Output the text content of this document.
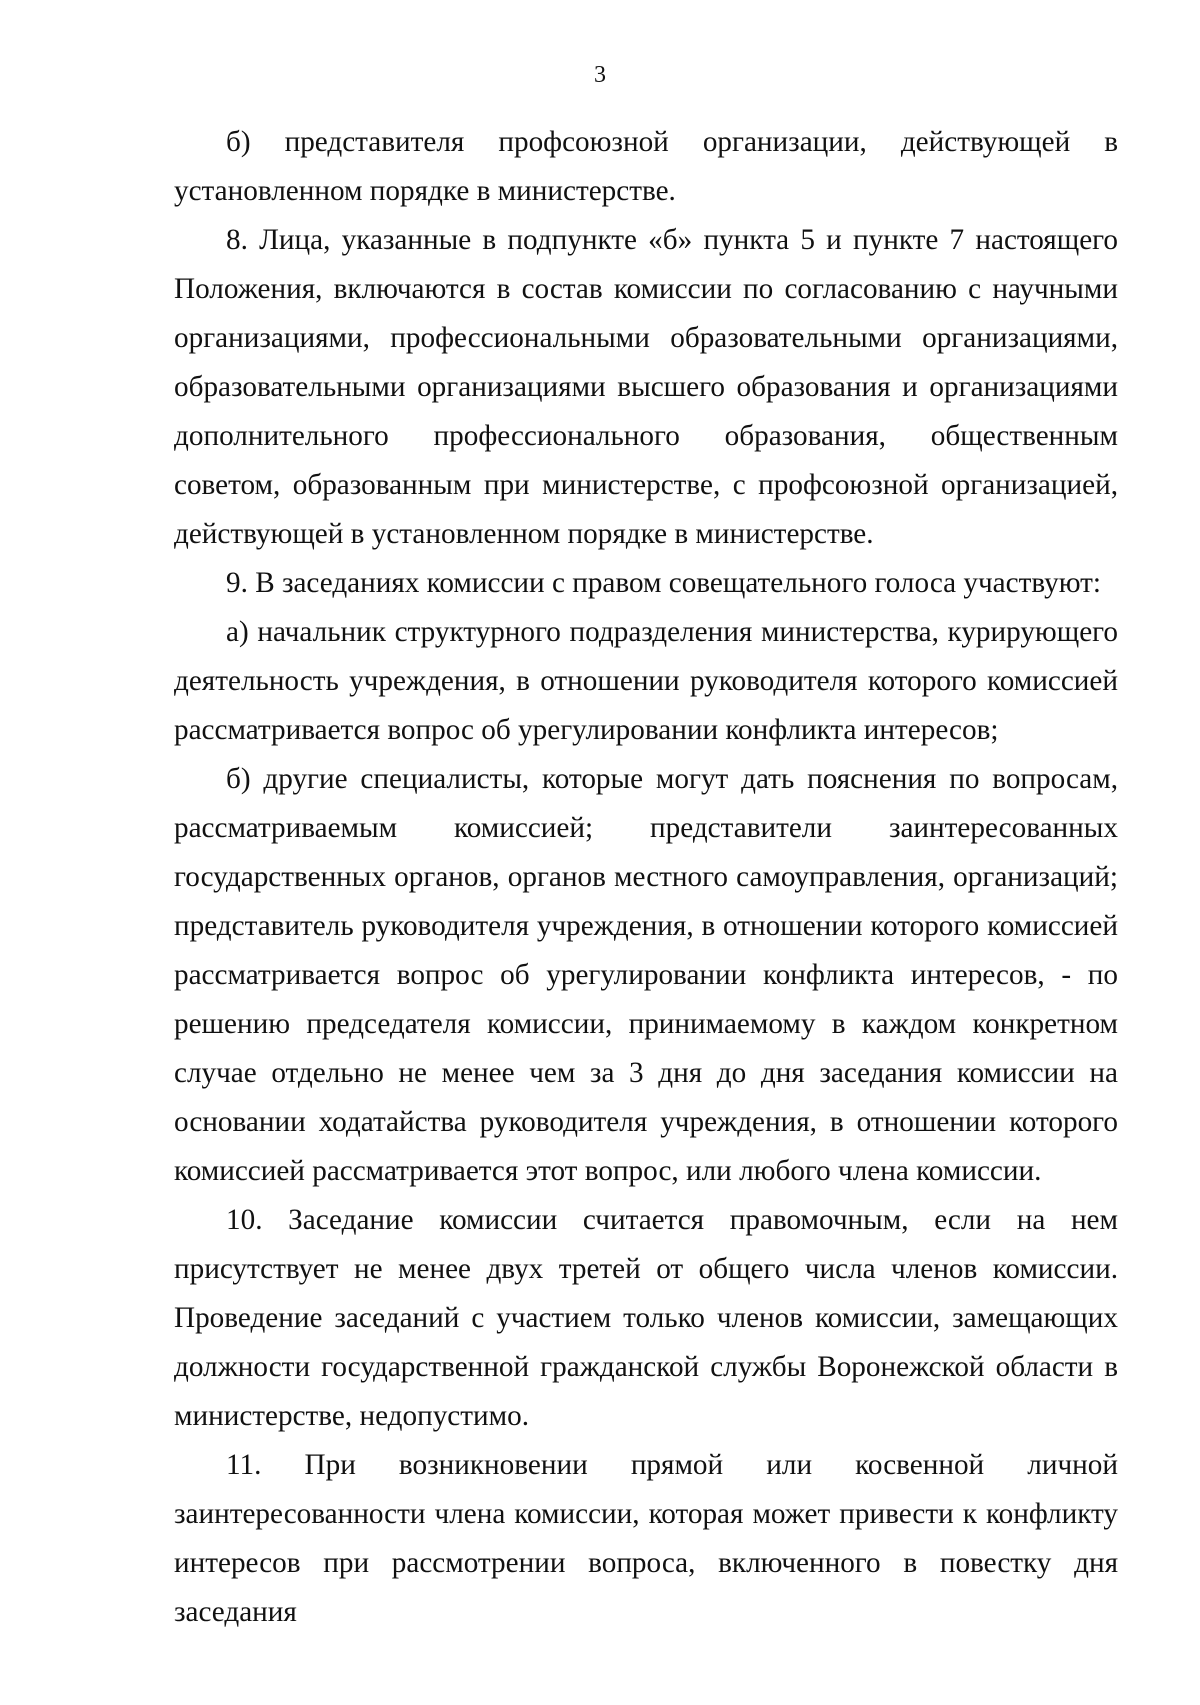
3

б) представителя профсоюзной организации, действующей в установленном порядке в министерстве.

8. Лица, указанные в подпункте «б» пункта 5 и пункте 7 настоящего Положения, включаются в состав комиссии по согласованию с научными организациями, профессиональными образовательными организациями, образовательными организациями высшего образования и организациями дополнительного профессионального образования, общественным советом, образованным при министерстве, с профсоюзной организацией, действующей в установленном порядке в министерстве.

9. В заседаниях комиссии с правом совещательного голоса участвуют:

а) начальник структурного подразделения министерства, курирующего деятельность учреждения, в отношении руководителя которого комиссией рассматривается вопрос об урегулировании конфликта интересов;

б) другие специалисты, которые могут дать пояснения по вопросам, рассматриваемым комиссией; представители заинтересованных государственных органов, органов местного самоуправления, организаций; представитель руководителя учреждения, в отношении которого комиссией рассматривается вопрос об урегулировании конфликта интересов, - по решению председателя комиссии, принимаемому в каждом конкретном случае отдельно не менее чем за 3 дня до дня заседания комиссии на основании ходатайства руководителя учреждения, в отношении которого комиссией рассматривается этот вопрос, или любого члена комиссии.

10. Заседание комиссии считается правомочным, если на нем присутствует не менее двух третей от общего числа членов комиссии. Проведение заседаний с участием только членов комиссии, замещающих должности государственной гражданской службы Воронежской области в министерстве, недопустимо.

11. При возникновении прямой или косвенной личной заинтересованности члена комиссии, которая может привести к конфликту интересов при рассмотрении вопроса, включенного в повестку дня заседания
